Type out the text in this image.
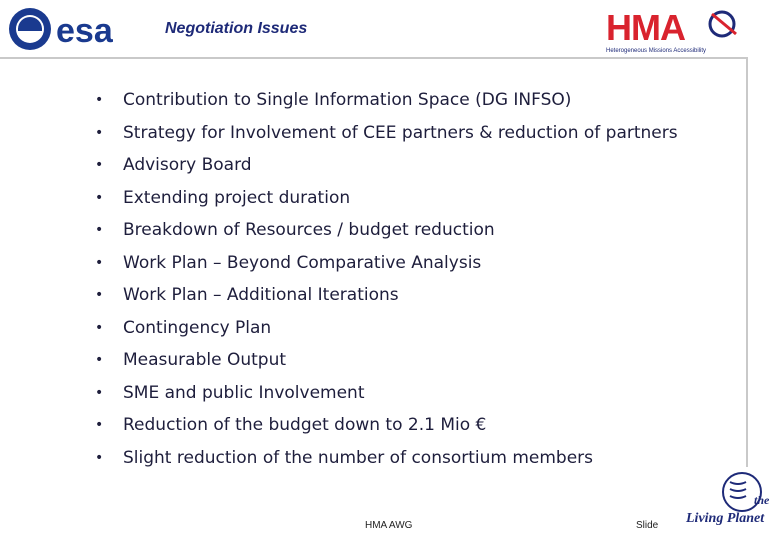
esa	Negotiation Issues	HMA
Heterogeneous Missions Accessibility
•	Contribution to Single Information Space (DG INFSO)
•	Strategy for Involvement of CEE partners & reduction of partners
•	Advisory Board
•	Extending project duration
•	Breakdown of Resources / budget reduction
•	Work Plan – Beyond Comparative Analysis
•	Work Plan – Additional Iterations
•	Contingency Plan
•	Measurable Output
•	SME and public Involvement
•	Reduction of the budget down to 2.1 Mio €
•	Slight reduction of the number of consortium members
HMA AWG	Slide
the
Living Planet
